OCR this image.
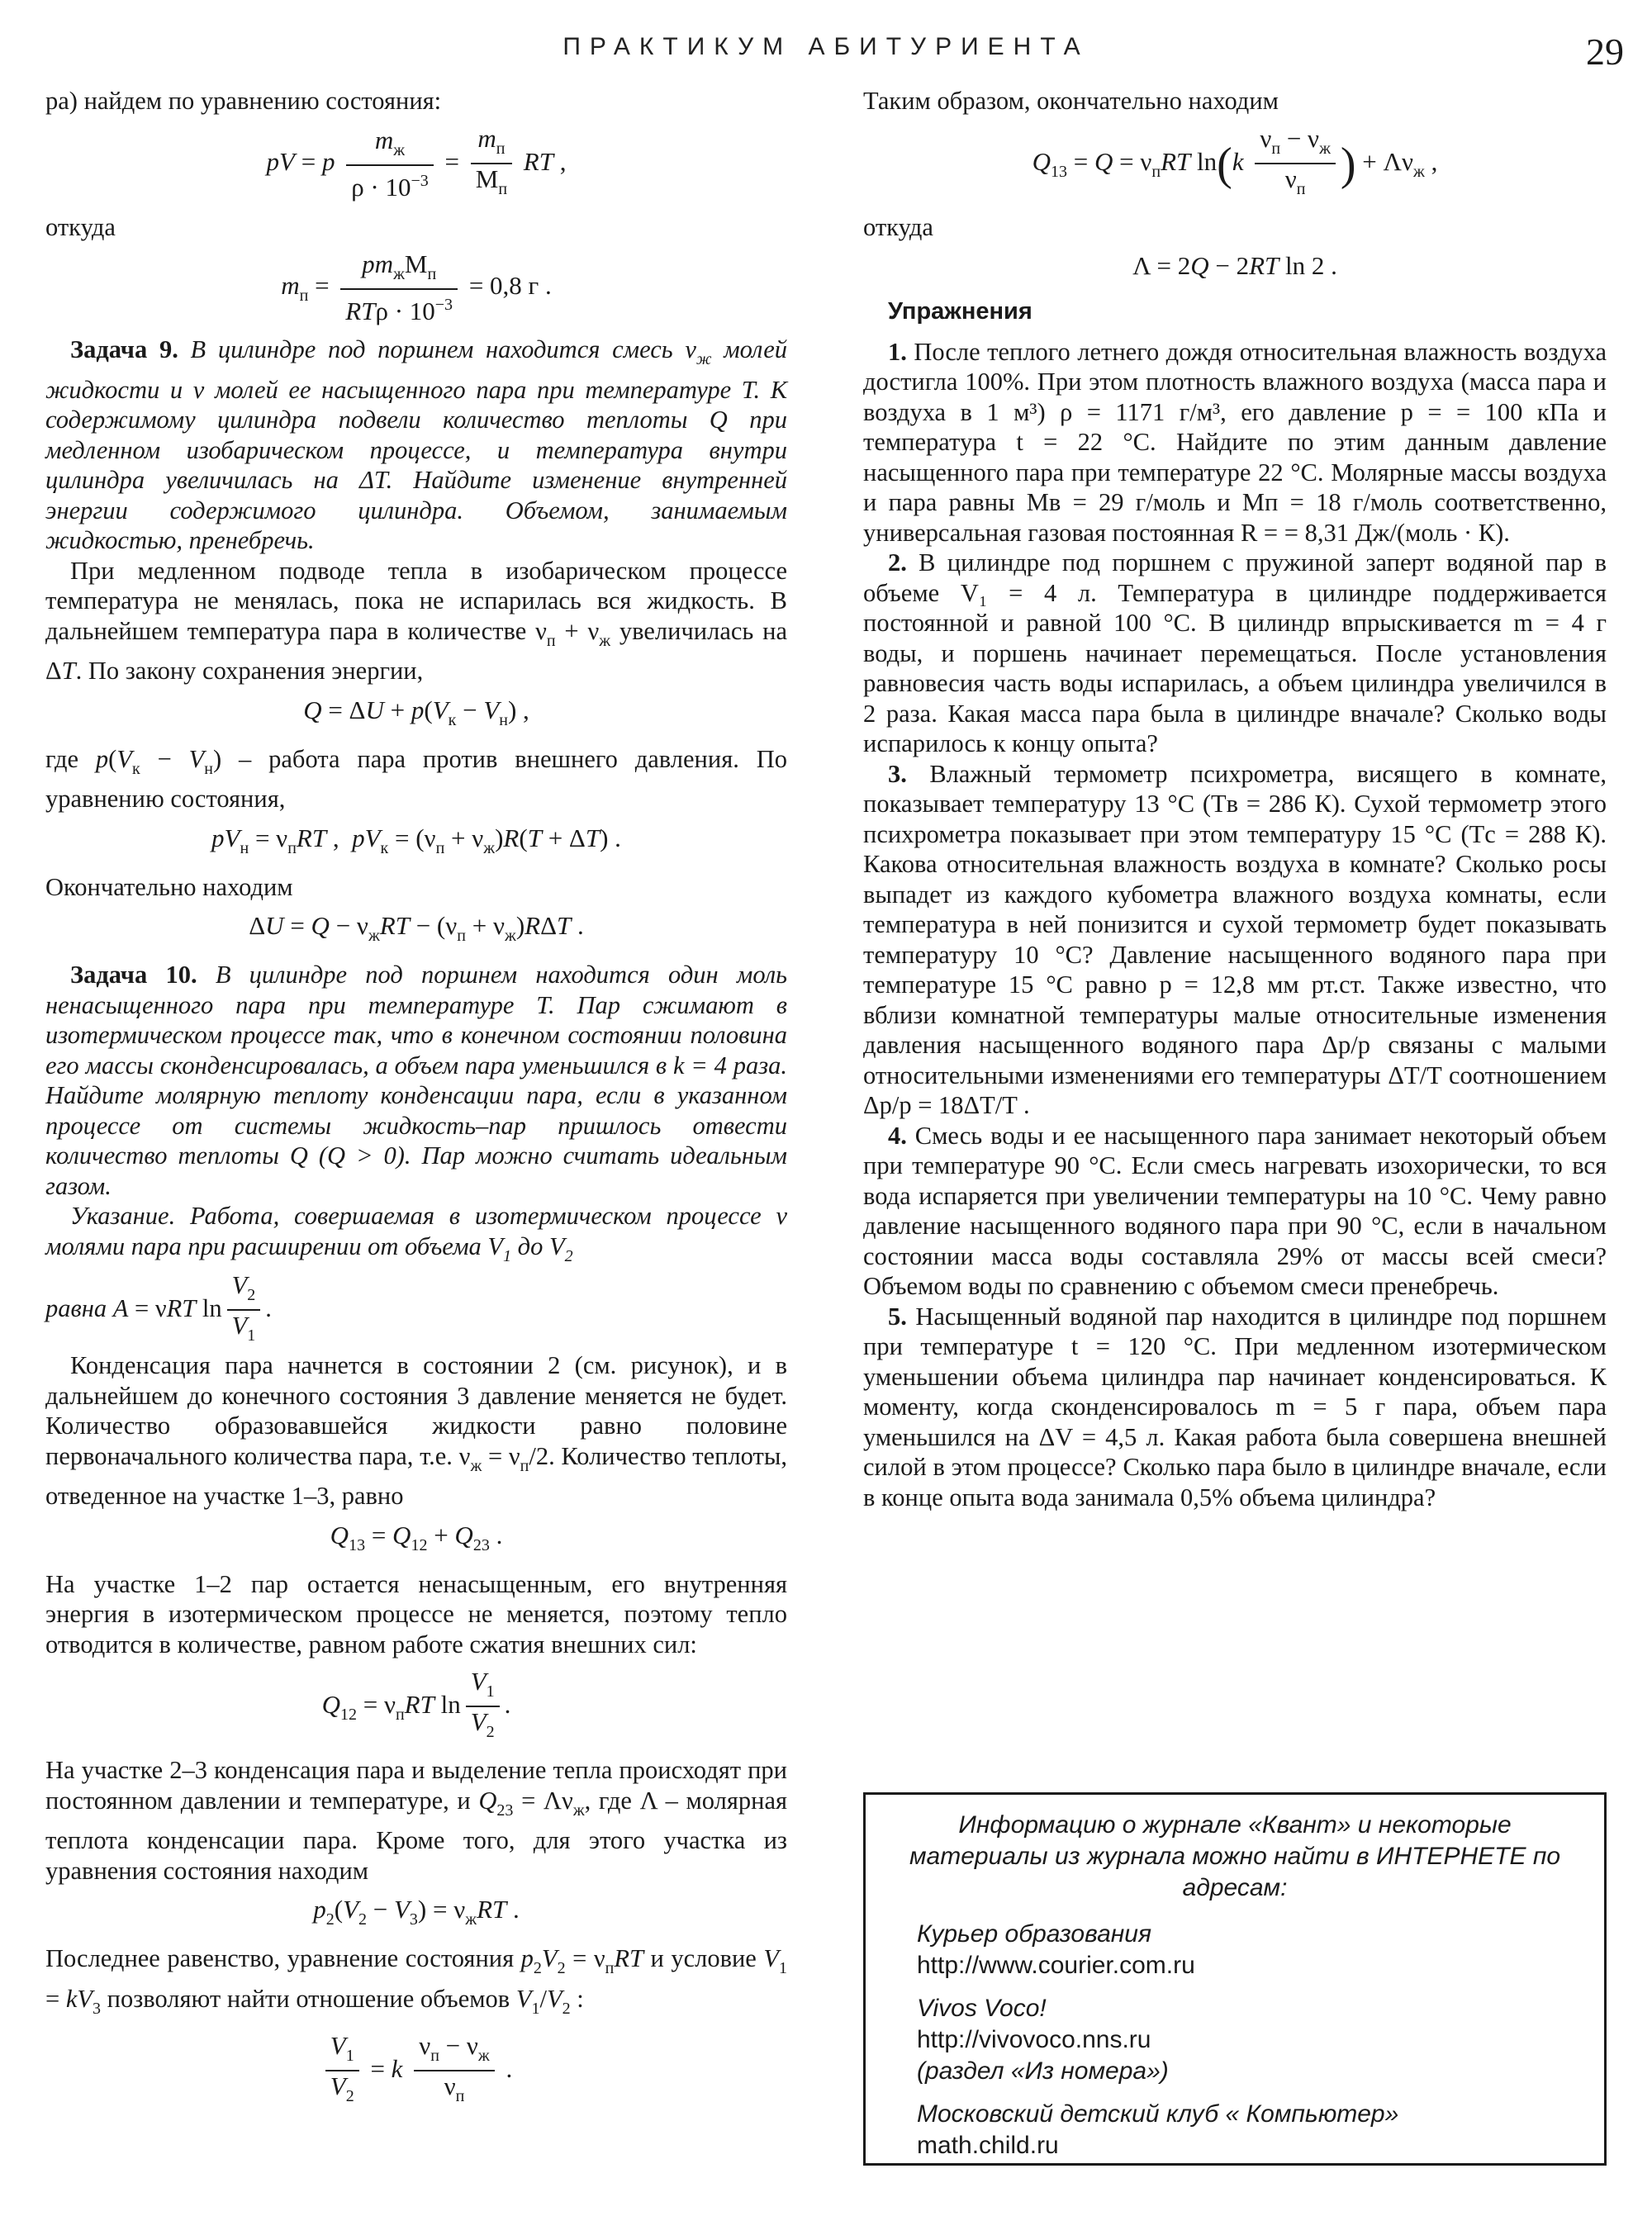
ПРАКТИКУМ АБИТУРИЕНТА	29

ра) найдем по уравнению состояния:

pV = p $\frac{m_ж}{\rho \cdot 10^{-3}} = \frac{m_п}{M_п}$ RT ,

откуда

$m_п = \frac{pm_жM_п}{RT\rho \cdot 10^{-3}} = 0,8$ г .

Задача 9. В цилиндре под поршнем находится смесь $\nu_ж$ молей жидкости и ν молей ее насыщенного пара при температуре T. К содержимому цилиндра подвели количество теплоты Q при медленном изобарическом процессе, и температура внутри цилиндра увеличилась на ΔT. Найдите изменение внутренней энергии содержимого цилиндра. Объемом, занимаемым жидкостью, пренебречь.

При медленном подводе тепла в изобарическом процессе температура не менялась, пока не испарилась вся жидкость. В дальнейшем температура пара в количестве $\nu_п + \nu_ж$ увеличилась на ΔT. По закону сохранения энергии,

$Q = \Delta U + p(V_к - V_н)$ ,

где $p(V_к - V_н)$ – работа пара против внешнего давления. По уравнению состояния,

$pV_н = \nu_пRT$ ,  $pV_к = (\nu_п + \nu_ж)R(T + \Delta T)$ .

Окончательно находим

$\Delta U = Q - \nu_жRT - (\nu_п + \nu_ж)R\Delta T$ .

Задача 10. В цилиндре под поршнем находится один моль ненасыщенного пара при температуре T. Пар сжимают в изотермическом процессе так, что в конечном состоянии половина его массы сконденсировалась, а объем пара уменьшился в k = 4 раза. Найдите молярную теплоту конденсации пара, если в указанном процессе от системы жидкость–пар пришлось отвести количество теплоты Q (Q > 0). Пар можно считать идеальным газом.

Указание. Работа, совершаемая в изотермическом процессе ν молями пара при расширении от объема $V_1$ до $V_2$

равна A = νRT $\ln \frac{V_2}{V_1}$ .

Конденсация пара начнется в состоянии 2 (см. рисунок), и в дальнейшем до конечного состояния 3 давление меняется не будет. Количество образовавшейся жидкости равно половине первоначального количества пара, т.е. $\nu_ж = \nu_п/2$. Количество теплоты, отведенное на участке 1–3, равно

$Q_{13} = Q_{12} + Q_{23}$ .

На участке 1–2 пар остается ненасыщенным, его внутренняя энергия в изотермическом процессе не меняется, поэтому тепло отводится в количестве, равном работе сжатия внешних сил:

$Q_{12} = \nu_пRT$ $\ln \frac{V_1}{V_2}$ .

На участке 2–3 конденсация пара и выделение тепла происходят при постоянном давлении и температуре, и $Q_{23} = \Lambda\nu_ж$, где Λ – молярная теплота конденсации пара. Кроме того, для этого участка из уравнения состояния находим

$p_2(V_2 - V_3) = \nu_жRT$ .

Последнее равенство, уравнение состояния $p_2V_2 = \nu_пRT$ и условие $V_1 = kV_3$ позволяют найти отношение объемов $V_1/V_2$ :

$\frac{V_1}{V_2} = k \frac{\nu_п - \nu_ж}{\nu_п}$ .

Таким образом, окончательно находим

$Q_{13} = Q = \nu_пRT$ $\ln(k \frac{\nu_п - \nu_ж}{\nu_п}$ ) + $\Lambda\nu_ж$ ,

откуда

Λ = 2Q − 2RT ln 2 .
Упражнения

1. После теплого летнего дождя относительная влажность воздуха достигла 100%. При этом плотность влажного воздуха (масса пара и воздуха в 1 м³) ρ = 1171 г/м³, его давление p = = 100 кПа и температура t = 22 °C. Найдите по этим данным давление насыщенного пара при температуре 22 °C. Молярные массы воздуха и пара равны Mв = 29 г/моль и Mп = 18 г/моль соответственно, универсальная газовая постоянная R = = 8,31 Дж/(моль · К).

2. В цилиндре под поршнем с пружиной заперт водяной пар в объеме V₁ = 4 л. Температура в цилиндре поддерживается постоянной и равной 100 °C. В цилиндр впрыскивается m = 4 г воды, и поршень начинает перемещаться. После установления равновесия часть воды испарилась, а объем цилиндра увеличился в 2 раза. Какая масса пара была в цилиндре вначале? Сколько воды испарилось к концу опыта?

3. Влажный термометр психрометра, висящего в комнате, показывает температуру 13 °C (Tв = 286 К). Сухой термометр этого психрометра показывает при этом температуру 15 °C (Tс = 288 К). Какова относительная влажность воздуха в комнате? Сколько росы выпадет из каждого кубометра влажного воздуха комнаты, если температура в ней понизится и сухой термометр будет показывать температуру 10 °C? Давление насыщенного водяного пара при температуре 15 °C равно p = 12,8 мм рт.ст. Также известно, что вблизи комнатной температуры малые относительные изменения давления насыщенного водяного пара Δp/p связаны с малыми относительными изменениями его температуры ΔT/T соотношением Δp/p = 18ΔT/T .

4. Смесь воды и ее насыщенного пара занимает некоторый объем при температуре 90 °C. Если смесь нагревать изохорически, то вся вода испаряется при увеличении температуры на 10 °C. Чему равно давление насыщенного водяного пара при 90 °C, если в начальном состоянии масса воды составляла 29% от массы всей смеси? Объемом воды по сравнению с объемом смеси пренебречь.

5. Насыщенный водяной пар находится в цилиндре под поршнем при температуре t = 120 °C. При медленном изотермическом уменьшении объема цилиндра пар начинает конденсироваться. К моменту, когда сконденсировалось m = 5 г пара, объем пара уменьшился на ΔV = 4,5 л. Какая работа была совершена внешней силой в этом процессе? Сколько пара было в цилиндре вначале, если в конце опыта вода занимала 0,5% объема цилиндра?

Информацию о журнале «Квант» и некоторые материалы из журнала можно найти в ИНТЕРНЕТЕ по адресам:
Курьер образования
http://www.courier.com.ru
Vivos Voco!
http://vivovoco.nns.ru
(раздел «Из номера»)
Московский детский клуб « Компьютер»
math.child.ru
